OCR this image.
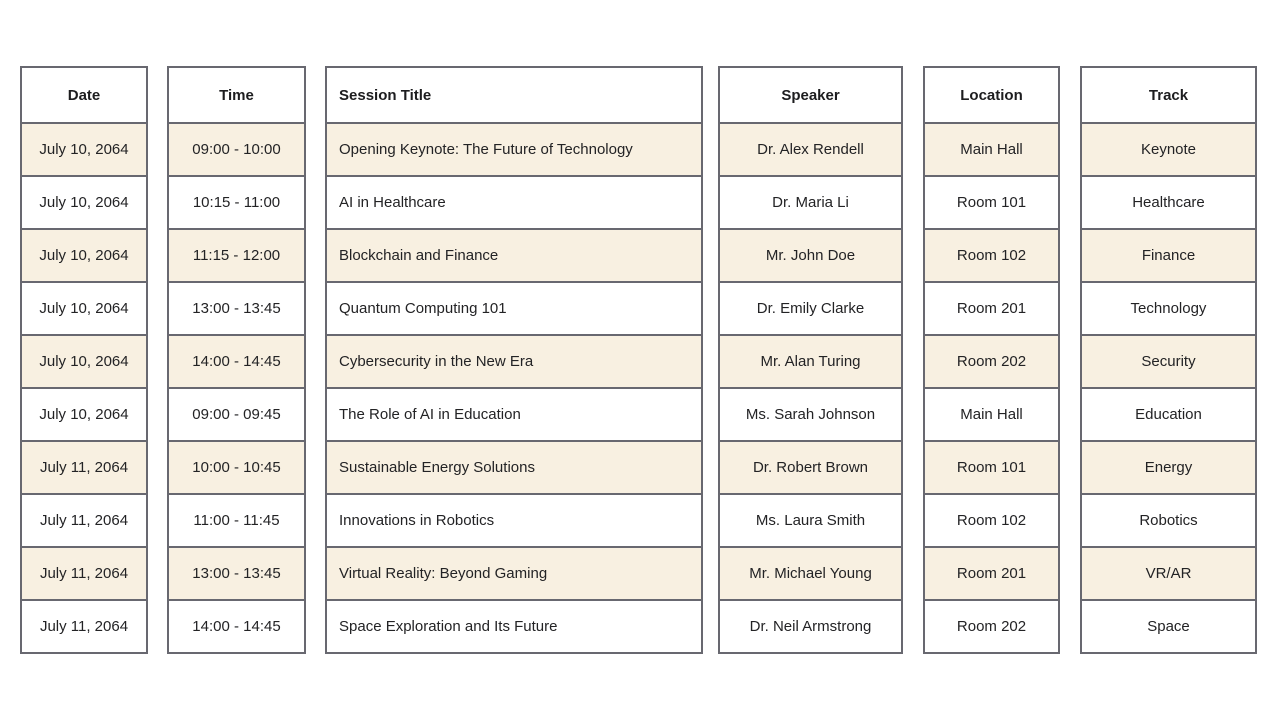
Date
July 10, 2064
July 10, 2064
July 10, 2064
July 10, 2064
July 10, 2064
July 10, 2064
July 11, 2064
July 11, 2064
July 11, 2064
July 11, 2064
Time
09:00 - 10:00
10:15 - 11:00
11:15 - 12:00
13:00 - 13:45
14:00 - 14:45
09:00 - 09:45
10:00 - 10:45
11:00 - 11:45
13:00 - 13:45
14:00 - 14:45
Session Title
Opening Keynote: The Future of Technology
AI in Healthcare
Blockchain and Finance
Quantum Computing 101
Cybersecurity in the New Era
The Role of AI in Education
Sustainable Energy Solutions
Innovations in Robotics
Virtual Reality: Beyond Gaming
Space Exploration and Its Future
Speaker
Dr. Alex Rendell
Dr. Maria Li
Mr. John Doe
Dr. Emily Clarke
Mr. Alan Turing
Ms. Sarah Johnson
Dr. Robert Brown
Ms. Laura Smith
Mr. Michael Young
Dr. Neil Armstrong
Location
Main Hall
Room 101
Room 102
Room 201
Room 202
Main Hall
Room 101
Room 102
Room 201
Room 202
Track
Keynote
Healthcare
Finance
Technology
Security
Education
Energy
Robotics
VR/AR
Space
